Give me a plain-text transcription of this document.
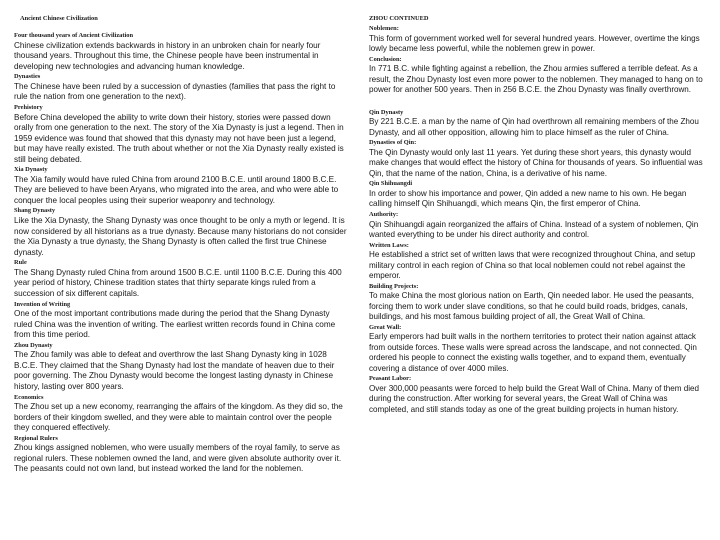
Ancient Chinese Civilization
Four thousand years of Ancient Civilization
Chinese civilization extends backwards in history in an unbroken chain for nearly four thousand years. Throughout this time, the Chinese people have been instrumental in developing new technologies and advancing human knowledge.
Dynasties
The Chinese have been ruled by a succession of dynasties (families that pass the right to rule the nation from one generation to the next).
Prehistory
Before China developed the ability to write down their history, stories were passed down orally from one generation to the next. The story of the Xia Dynasty is just a legend. Then in 1959 evidence was found that showed that this dynasty may not have been just a legend, but may have really existed. The truth about whether or not the Xia Dynasty really existed is still being debated.
Xia Dynasty
The Xia family would have ruled China from around 2100 B.C.E. until around 1800 B.C.E. They are believed to have been Aryans, who migrated into the area, and who were able to conquer the local peoples using their superior weaponry and technology.
Shang Dynasty
Like the Xia Dynasty, the Shang Dynasty was once thought to be only a myth or legend. It is now considered by all historians as a true dynasty. Because many historians do not consider the Xia Dynasty a true dynasty, the Shang Dynasty is often called the first true Chinese dynasty.
Rule
The Shang Dynasty ruled China from around 1500 B.C.E. until 1100 B.C.E. During this 400 year period of history, Chinese tradition states that thirty separate kings ruled from a succession of six different capitals.
Invention of Writing
One of the most important contributions made during the period that the Shang Dynasty ruled China was the invention of writing. The earliest written records found in China come from this time period.
Zhou Dynasty
The Zhou family was able to defeat and overthrow the last Shang Dynasty king in 1028 B.C.E. They claimed that the Shang Dynasty had lost the mandate of heaven due to their poor governing. The Zhou Dynasty would become the longest lasting dynasty in Chinese history, lasting over 800 years.
Economics
The Zhou set up a new economy, rearranging the affairs of the kingdom. As they did so, the borders of their kingdom swelled, and they were able to maintain control over the people they conquered effectively.
Regional Rulers
Zhou kings assigned noblemen, who were usually members of the royal family, to serve as regional rulers. These noblemen owned the land, and were given absolute authority over it. The peasants could not own land, but instead worked the land for the noblemen.
ZHOU CONTINUED
Noblemen:
This form of government worked well for several hundred years. However, overtime the kings lowly became less powerful, while the noblemen grew in power.
Conclusion:
In 771 B.C. while fighting against a rebellion, the Zhou armies suffered a terrible defeat. As a result, the Zhou Dynasty lost even more power to the noblemen. They managed to hang on to power for another 500 years. Then in 256 B.C.E. the Zhou Dynasty was finally overthrown.
Qin Dynasty
By 221 B.C.E. a man by the name of Qin had overthrown all remaining members of the Zhou Dynasty, and all other opposition, allowing him to place himself as the ruler of China.
Dynasties of Qin:
The Qin Dynasty would only last 11 years. Yet during these short years, this dynasty would make changes that would effect the history of China for thousands of years. So influential was Qin, that the name of the nation, China, is a derivative of his name.
Qin Shihuangdi
In order to show his importance and power, Qin added a new name to his own. He began calling himself Qin Shihuangdi, which means Qin, the first emperor of China.
Authority:
Qin Shihuangdi again reorganized the affairs of China. Instead of a system of noblemen, Qin wanted everything to be under his direct authority and control.
Written Laws:
He established a strict set of written laws that were recognized throughout China, and setup military control in each region of China so that local noblemen could not rebel against the emperor.
Building Projects:
To make China the most glorious nation on Earth, Qin needed labor. He used the peasants, forcing them to work under slave conditions, so that he could build roads, bridges, canals, buildings, and his most famous building project of all, the Great Wall of China.
Great Wall:
Early emperors had built walls in the northern territories to protect their nation against attack from outside forces. These walls were spread across the landscape, and not connected. Qin ordered his people to connect the existing walls together, and to expand them, eventually covering a distance of over 4000 miles.
Peasant Labor:
Over 300,000 peasants were forced to help build the Great Wall of China. Many of them died during the construction. After working for several years, the Great Wall of China was completed, and still stands today as one of the great building projects in human history.
